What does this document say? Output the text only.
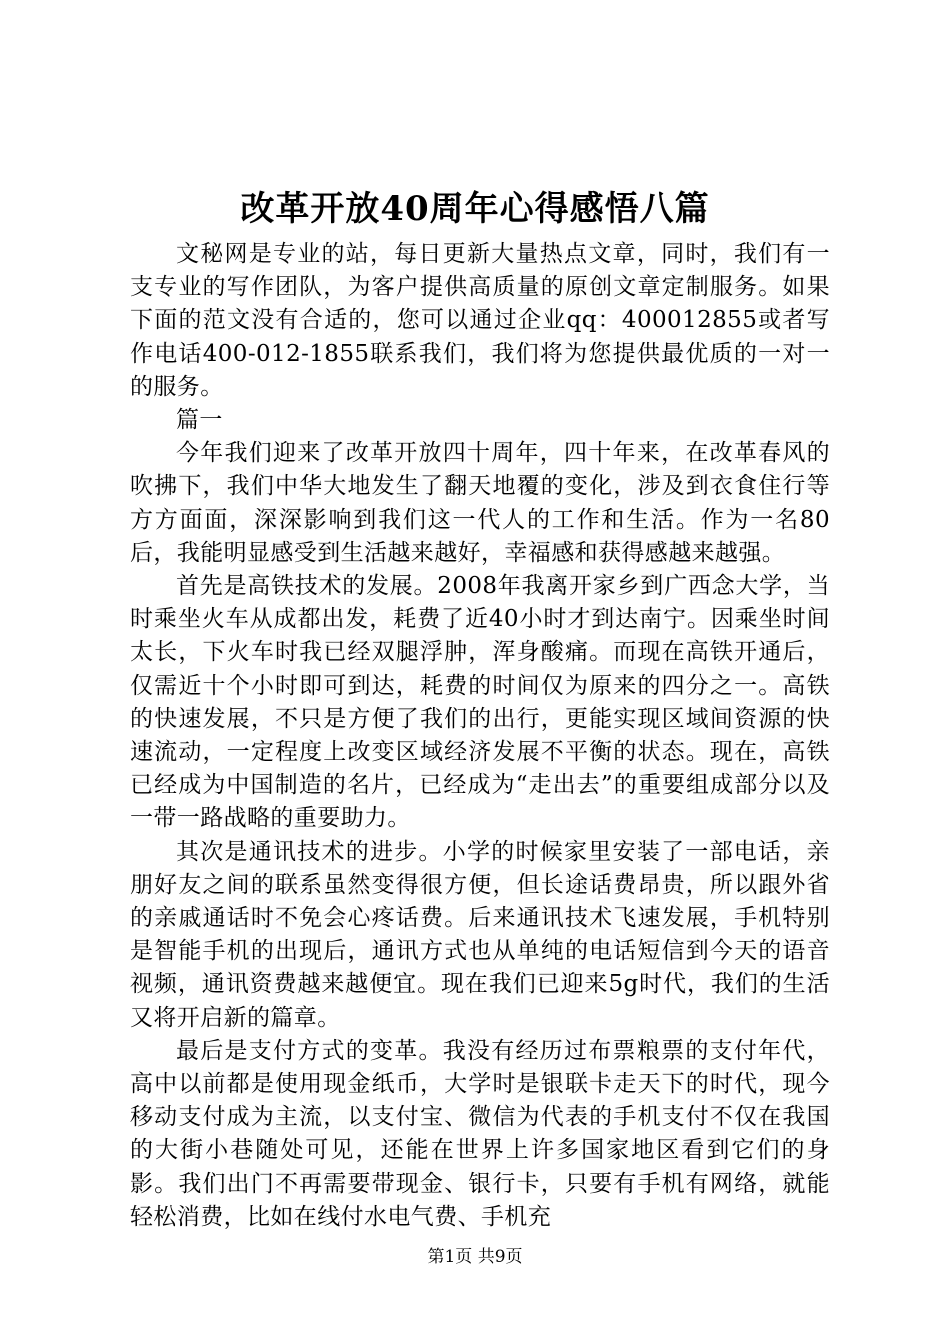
改革开放40周年心得感悟八篇

文秘网是专业的站，每日更新大量热点文章，同时，我们有一支专业的写作团队，为客户提供高质量的原创文章定制服务。如果下面的范文没有合适的，您可以通过企业qq：400012855或者写作电话400-012-1855联系我们，我们将为您提供最优质的一对一的服务。

篇一

今年我们迎来了改革开放四十周年，四十年来，在改革春风的吹拂下，我们中华大地发生了翻天地覆的变化，涉及到衣食住行等方方面面，深深影响到我们这一代人的工作和生活。作为一名80后，我能明显感受到生活越来越好，幸福感和获得感越来越强。

首先是高铁技术的发展。2008年我离开家乡到广西念大学，当时乘坐火车从成都出发，耗费了近40小时才到达南宁。因乘坐时间太长，下火车时我已经双腿浮肿，浑身酸痛。而现在高铁开通后，仅需近十个小时即可到达，耗费的时间仅为原来的四分之一。高铁的快速发展，不只是方便了我们的出行，更能实现区域间资源的快速流动，一定程度上改变区域经济发展不平衡的状态。现在，高铁已经成为中国制造的名片，已经成为“走出去”的重要组成部分以及一带一路战略的重要助力。

其次是通讯技术的进步。小学的时候家里安装了一部电话，亲朋好友之间的联系虽然变得很方便，但长途话费昂贵，所以跟外省的亲戚通话时不免会心疼话费。后来通讯技术飞速发展，手机特别是智能手机的出现后，通讯方式也从单纯的电话短信到今天的语音视频，通讯资费越来越便宜。现在我们已迎来5g时代，我们的生活又将开启新的篇章。

最后是支付方式的变革。我没有经历过布票粮票的支付年代，高中以前都是使用现金纸币，大学时是银联卡走天下的时代，现今移动支付成为主流，以支付宝、微信为代表的手机支付不仅在我国的大街小巷随处可见，还能在世界上许多国家地区看到它们的身影。我们出门不再需要带现金、银行卡，只要有手机有网络，就能轻松消费，比如在线付水电气费、手机充

第1页 共9页
